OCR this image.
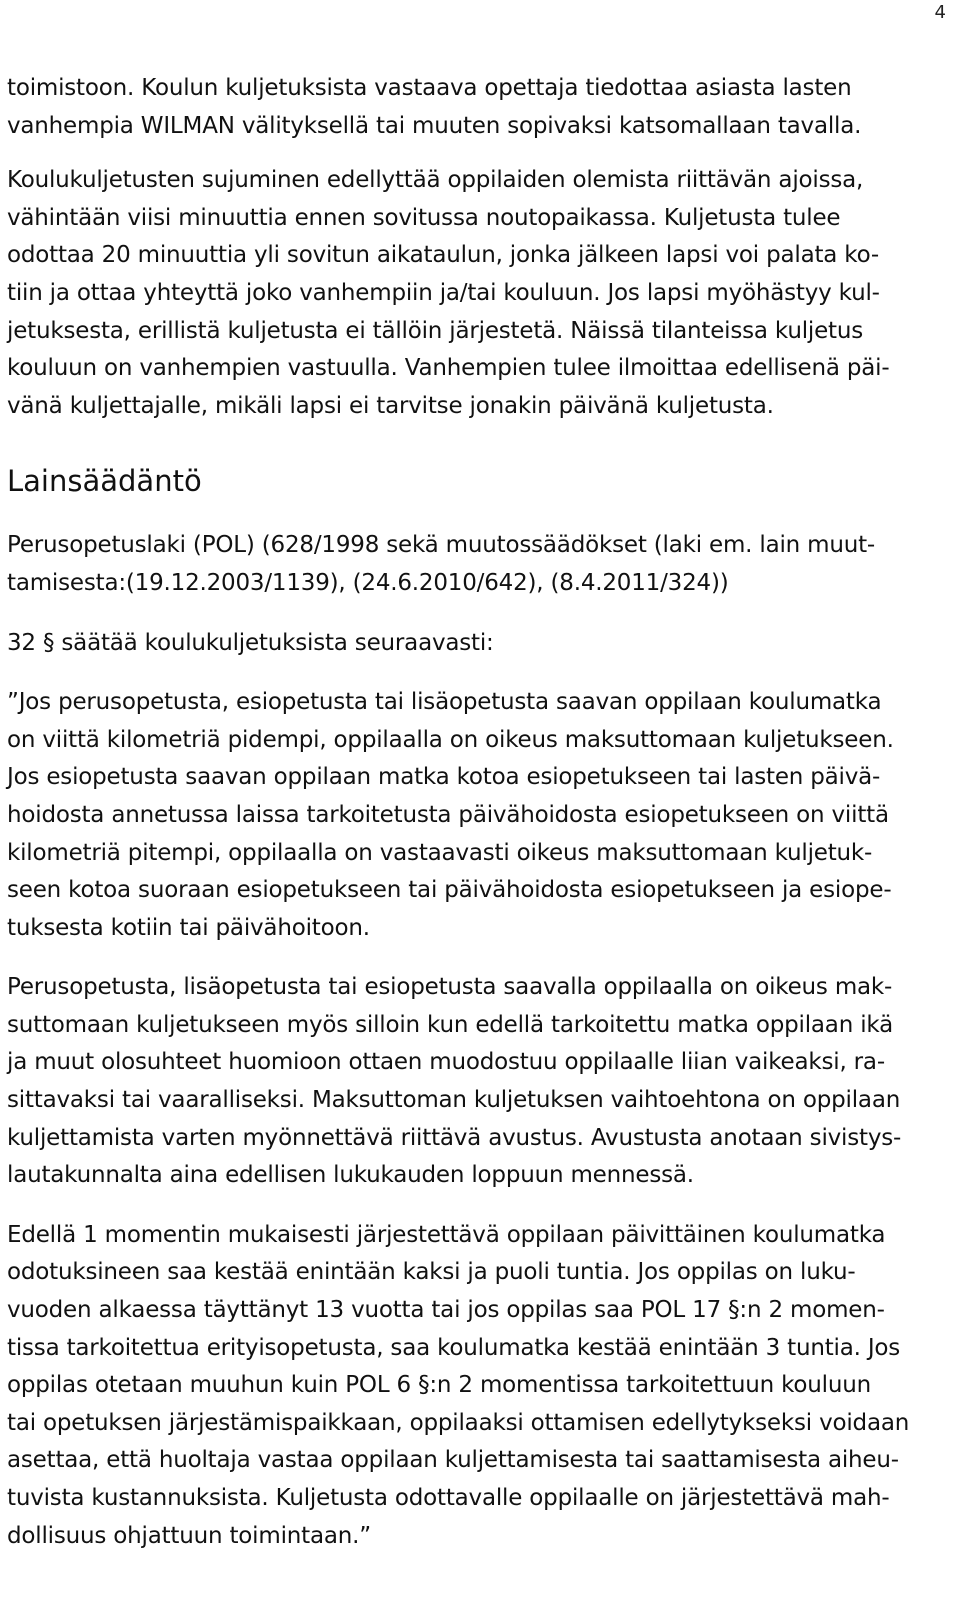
4

toimistoon. Koulun kuljetuksista vastaava opettaja tiedottaa asiasta lasten
vanhempia WILMAN välityksellä tai muuten sopivaksi katsomallaan tavalla.

Koulukuljetusten sujuminen edellyttää oppilaiden olemista riittävän ajoissa,
vähintään viisi minuuttia ennen sovitussa noutopaikassa. Kuljetusta tulee
odottaa 20 minuuttia yli sovitun aikataulun, jonka jälkeen lapsi voi palata ko-
tiin ja ottaa yhteyttä joko vanhempiin ja/tai kouluun. Jos lapsi myöhästyy kul-
jetuksesta, erillistä kuljetusta ei tällöin järjestetä. Näissä tilanteissa kuljetus
kouluun on vanhempien vastuulla. Vanhempien tulee ilmoittaa edellisenä päi-
vänä kuljettajalle, mikäli lapsi ei tarvitse jonakin päivänä kuljetusta.

Lainsäädäntö

Perusopetuslaki (POL) (628/1998 sekä muutossäädökset (laki em. lain muut-
tamisesta:(19.12.2003/1139), (24.6.2010/642), (8.4.2011/324))

32 § säätää koulukuljetuksista seuraavasti:

”Jos perusopetusta, esiopetusta tai lisäopetusta saavan oppilaan koulumatka
on viittä kilometriä pidempi, oppilaalla on oikeus maksuttomaan kuljetukseen.
Jos esiopetusta saavan oppilaan matka kotoa esiopetukseen tai lasten päivä-
hoidosta annetussa laissa tarkoitetusta päivähoidosta esiopetukseen on viittä
kilometriä pitempi, oppilaalla on vastaavasti oikeus maksuttomaan kuljetuk-
seen kotoa suoraan esiopetukseen tai päivähoidosta esiopetukseen ja esiope-
tuksesta kotiin tai päivähoitoon.

Perusopetusta, lisäopetusta tai esiopetusta saavalla oppilaalla on oikeus mak-
suttomaan kuljetukseen myös silloin kun edellä tarkoitettu matka oppilaan ikä
ja muut olosuhteet huomioon ottaen muodostuu oppilaalle liian vaikeaksi, ra-
sittavaksi tai vaaralliseksi. Maksuttoman kuljetuksen vaihtoehtona on oppilaan
kuljettamista varten myönnettävä riittävä avustus. Avustusta anotaan sivistys-
lautakunnalta aina edellisen lukukauden loppuun mennessä.

Edellä 1 momentin mukaisesti järjestettävä oppilaan päivittäinen koulumatka
odotuksineen saa kestää enintään kaksi ja puoli tuntia. Jos oppilas on luku-
vuoden alkaessa täyttänyt 13 vuotta tai jos oppilas saa POL 17 §:n 2 momen-
tissa tarkoitettua erityisopetusta, saa koulumatka kestää enintään 3 tuntia. Jos
oppilas otetaan muuhun kuin POL 6 §:n 2 momentissa tarkoitettuun kouluun
tai opetuksen järjestämispaikkaan, oppilaaksi ottamisen edellytykseksi voidaan
asettaa, että huoltaja vastaa oppilaan kuljettamisesta tai saattamisesta aiheu-
tuvista kustannuksista. Kuljetusta odottavalle oppilaalle on järjestettävä mah-
dollisuus ohjattuun toimintaan.”
